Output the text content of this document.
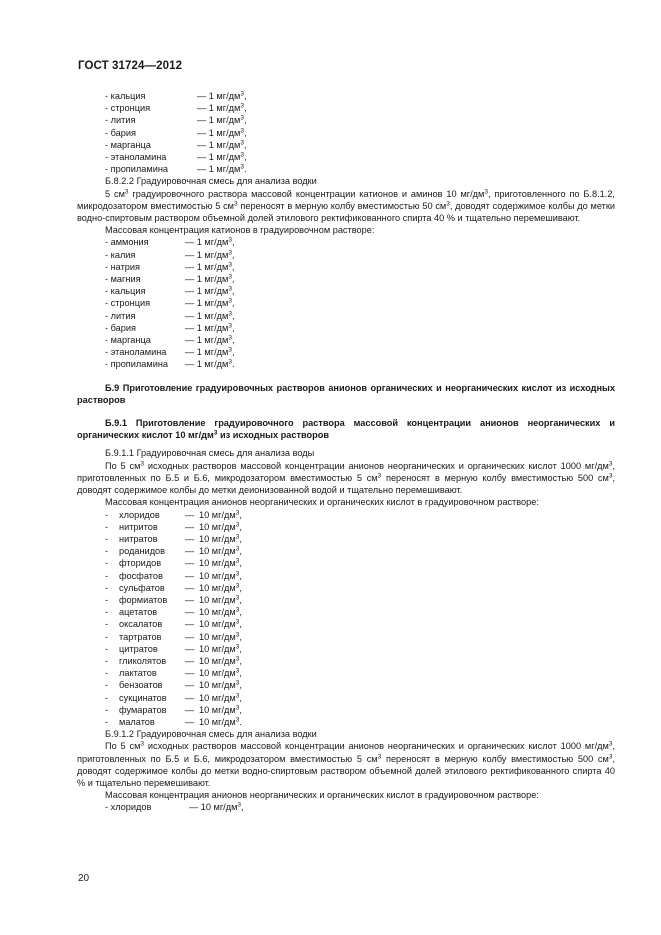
ГОСТ 31724—2012
- кальция	— 1 $мг/дм^3$,
- стронция	— 1 $мг/дм^3$,
- лития	— 1 $мг/дм^3$,
- бария	— 1 $мг/дм^3$,
- марганца	— 1 $мг/дм^3$,
- этаноламина	— 1 $мг/дм^3$,
- пропиламина	— 1 $мг/дм^3$.

Б.8.2.2 Градуировочная смесь для анализа водки

5 $см^3$ градуировочного раствора массовой концентрации катионов и аминов 10 $мг/дм^3$, приготовленного по Б.8.1.2, микродозатором вместимостью 5 $см^3$ переносят в мерную колбу вместимостью 50 $см^3$, доводят содержимое колбы до метки водно-спиртовым раствором объемной долей этилового ректификованного спирта 40 % и тщательно перемешивают.

Массовая концентрация катионов в градуировочном растворе:

- аммония	— 1 $мг/дм^3$,
- калия	— 1 $мг/дм^3$,
- натрия	— 1 $мг/дм^3$,
- магния	— 1 $мг/дм^3$,
- кальция	— 1 $мг/дм^3$,
- стронция	— 1 $мг/дм^3$,
- лития	— 1 $мг/дм^3$,
- бария	— 1 $мг/дм^3$,
- марганца	— 1 $мг/дм^3$,
- этаноламина	— 1 $мг/дм^3$,
- пропиламина	— 1 $мг/дм^3$.

Б.9 Приготовление градуировочных растворов анионов органических и неорганических кислот из исходных растворов

Б.9.1 Приготовление градуировочного раствора массовой концентрации анионов неорганических и органических кислот 10 $мг/дм^3$ из исходных растворов

Б.9.1.1 Градуировочная смесь для анализа воды

По 5 $см^3$ исходных растворов массовой концентрации анионов неорганических и органических кислот 1000 $мг/дм^3$, приготовленных по Б.5 и Б.6, микродозатором вместимостью 5 $см^3$ переносят в мерную колбу вместимостью 500 $см^3$, доводят содержимое колбы до метки деионизованной водой и тщательно перемешивают.

Массовая концентрация анионов неорганических и органических кислот в градуировочном растворе:

-	хлоридов	— 10 $мг/дм^3$,
-	нитритов	— 10 $мг/дм^3$,
-	нитратов	— 10 $мг/дм^3$,
-	роданидов	— 10 $мг/дм^3$,
-	фторидов	— 10 $мг/дм^3$,
-	фосфатов	— 10 $мг/дм^3$,
-	сульфатов	— 10 $мг/дм^3$,
-	формиатов	— 10 $мг/дм^3$,
-	ацетатов	— 10 $мг/дм^3$,
-	оксалатов	— 10 $мг/дм^3$,
-	тартратов	— 10 $мг/дм^3$,
-	цитратов	— 10 $мг/дм^3$,
-	гликолятов	— 10 $мг/дм^3$,
-	лактатов	— 10 $мг/дм^3$,
-	бензоатов	— 10 $мг/дм^3$,
-	сукцинатов	— 10 $мг/дм^3$,
-	фумаратов	— 10 $мг/дм^3$,
-	малатов	— 10 $мг/дм^3$.

Б.9.1.2 Градуировочная смесь для анализа водки

По 5 $см^3$ исходных растворов массовой концентрации анионов неорганических и органических кислот 1000 $мг/дм^3$, приготовленных по Б.5 и Б.6, микродозатором вместимостью 5 $см^3$ переносят в мерную колбу вместимостью 500 $см^3$, доводят содержимое колбы до метки водно-спиртовым раствором объемной долей этилового ректификованного спирта 40 % и тщательно перемешивают.

Массовая концентрация анионов неорганических и органических кислот в градуировочном растворе:

- хлоридов	— 10 $мг/дм^3$,
20
